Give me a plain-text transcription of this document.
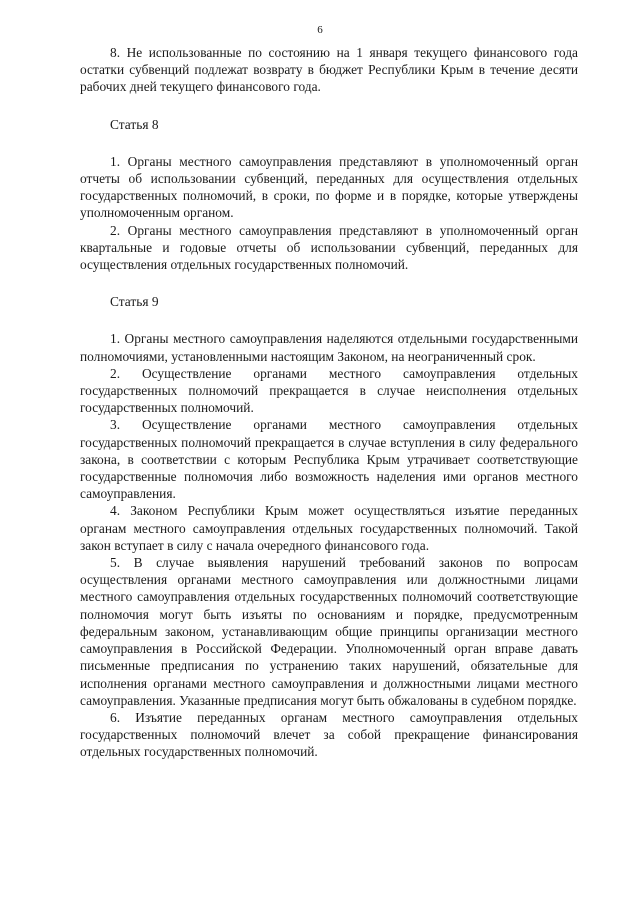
6

8. Не использованные по состоянию на 1 января текущего финансового года остатки субвенций подлежат возврату в бюджет Республики Крым в течение десяти рабочих дней текущего финансового года.

Статья 8

1. Органы местного самоуправления представляют в уполномоченный орган отчеты об использовании субвенций, переданных для осуществления отдельных государственных полномочий, в сроки, по форме и в порядке, которые утверждены уполномоченным органом.

2. Органы местного самоуправления представляют в уполномоченный орган квартальные и годовые отчеты об использовании субвенций, переданных для осуществления отдельных государственных полномочий.

Статья 9

1. Органы местного самоуправления наделяются отдельными государственными полномочиями, установленными настоящим Законом, на неограниченный срок.

2. Осуществление органами местного самоуправления отдельных государственных полномочий прекращается в случае неисполнения отдельных государственных полномочий.

3. Осуществление органами местного самоуправления отдельных государственных полномочий прекращается в случае вступления в силу федерального закона, в соответствии с которым Республика Крым утрачивает соответствующие государственные полномочия либо возможность наделения ими органов местного самоуправления.

4. Законом Республики Крым может осуществляться изъятие переданных органам местного самоуправления отдельных государственных полномочий. Такой закон вступает в силу с начала очередного финансового года.

5. В случае выявления нарушений требований законов по вопросам осуществления органами местного самоуправления или должностными лицами местного самоуправления отдельных государственных полномочий соответствующие полномочия могут быть изъяты по основаниям и порядке, предусмотренным федеральным законом, устанавливающим общие принципы организации местного самоуправления в Российской Федерации. Уполномоченный орган вправе давать письменные предписания по устранению таких нарушений, обязательные для исполнения органами местного самоуправления и должностными лицами местного самоуправления. Указанные предписания могут быть обжалованы в судебном порядке.

6. Изъятие переданных органам местного самоуправления отдельных государственных полномочий влечет за собой прекращение финансирования отдельных государственных полномочий.
